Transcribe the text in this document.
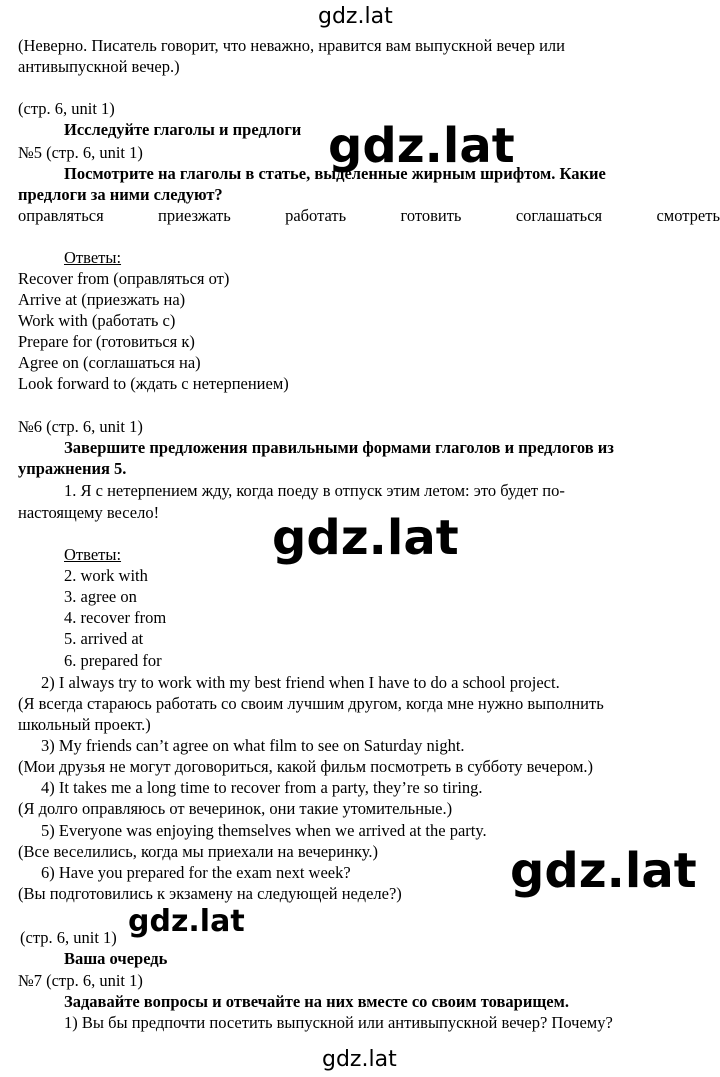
gdz.lat
gdz.lat
gdz.lat
gdz.lat
gdz.lat
gdz.lat
(Неверно. Писатель говорит, что неважно, нравится вам выпускной вечер или
антивыпускной вечер.)
(стр. 6, unit 1)
Исследуйте глаголы и предлоги
№5 (стр. 6, unit 1)
Посмотрите на глаголы в статье, выделенные жирным шрифтом. Какие
предлоги за ними следуют?
оправляться	приезжать	работать	готовить	соглашаться	смотреть
Ответы:
Recover from (оправляться от)
Arrive at (приезжать на)
Work with (работать с)
Prepare for (готовиться к)
Agree on (соглашаться на)
Look forward to (ждать с нетерпением)
№6 (стр. 6, unit 1)
Завершите предложения правильными формами глаголов и предлогов из
упражнения 5.
1. Я с нетерпением жду, когда поеду в отпуск этим летом: это будет по-
настоящему весело!
Ответы:
2. work with
3. agree on
4. recover from
5. arrived at
6. prepared for
2) I always try to work with my best friend when I have to do a school project.
(Я всегда стараюсь работать со своим лучшим другом, когда мне нужно выполнить
школьный проект.)
3) My friends can’t agree on what film to see on Saturday night.
(Мои друзья не могут договориться, какой фильм посмотреть в субботу вечером.)
4) It takes me a long time to recover from a party, they’re so tiring.
(Я долго оправляюсь от вечеринок, они такие утомительные.)
5) Everyone was enjoying themselves when we arrived at the party.
(Все веселились, когда мы приехали на вечеринку.)
6) Have you prepared for the exam next week?
(Вы подготовились к экзамену на следующей неделе?)
(стр. 6, unit 1)
Ваша очередь
№7 (стр. 6, unit 1)
Задавайте вопросы и отвечайте на них вместе со своим товарищем.
1) Вы бы предпочти посетить выпускной или антивыпускной вечер? Почему?
